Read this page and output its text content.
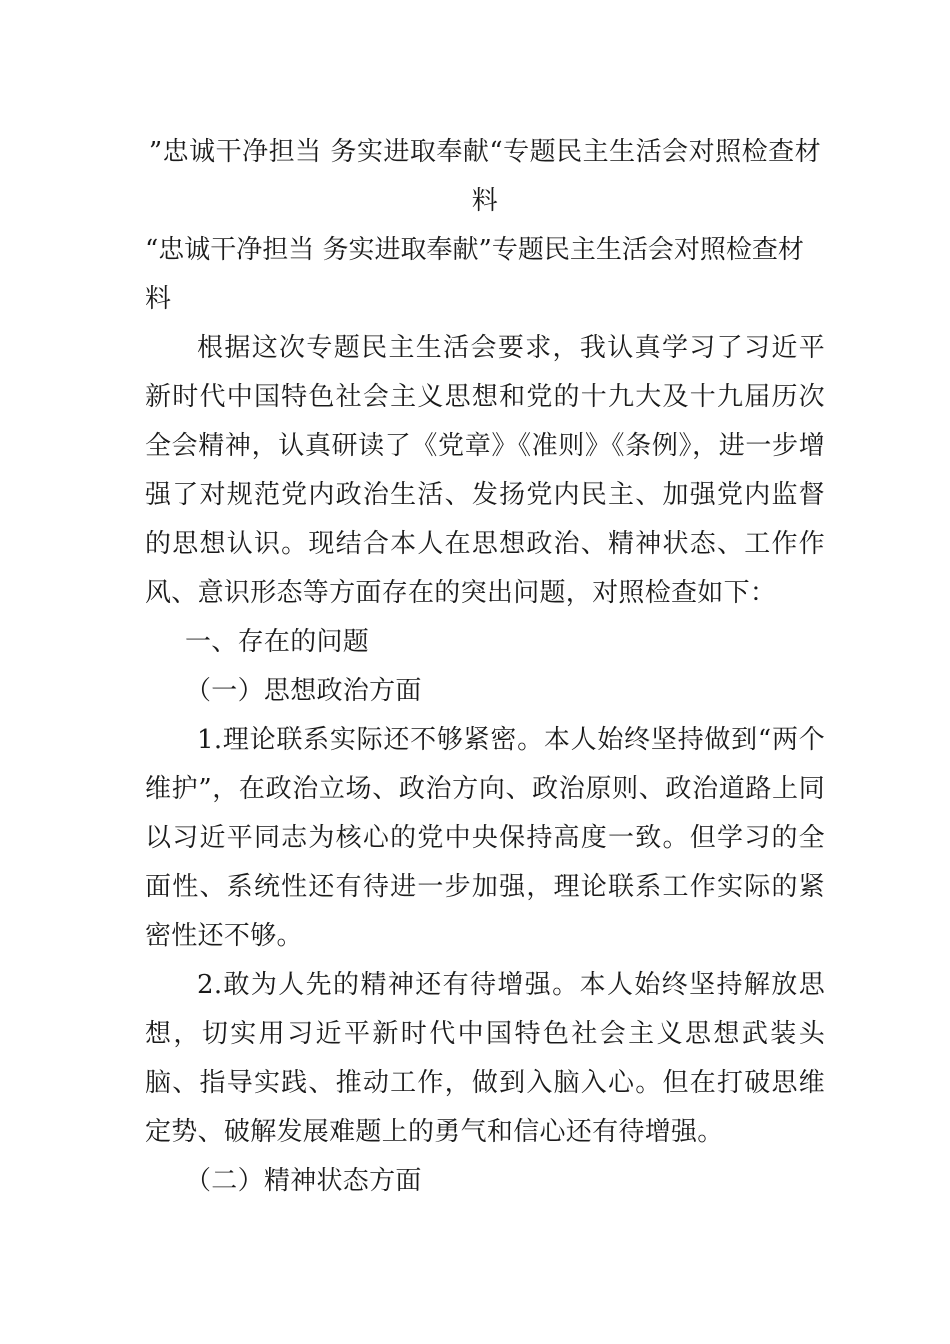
”忠诚干净担当 务实进取奉献“专题民主生活会对照检查材料
“忠诚干净担当 务实进取奉献”专题民主生活会对照检查材料

根据这次专题民主生活会要求，我认真学习了习近平新时代中国特色社会主义思想和党的十九大及十九届历次全会精神，认真研读了《党章》《准则》《条例》，进一步增强了对规范党内政治生活、发扬党内民主、加强党内监督的思想认识。现结合本人在思想政治、精神状态、工作作风、意识形态等方面存在的突出问题，对照检查如下：

一、存在的问题

（一）思想政治方面

1.理论联系实际还不够紧密。本人始终坚持做到“两个维护”，在政治立场、政治方向、政治原则、政治道路上同以习近平同志为核心的党中央保持高度一致。但学习的全面性、系统性还有待进一步加强，理论联系工作实际的紧密性还不够。

2.敢为人先的精神还有待增强。本人始终坚持解放思想，切实用习近平新时代中国特色社会主义思想武装头脑、指导实践、推动工作，做到入脑入心。但在打破思维定势、破解发展难题上的勇气和信心还有待增强。

（二）精神状态方面
